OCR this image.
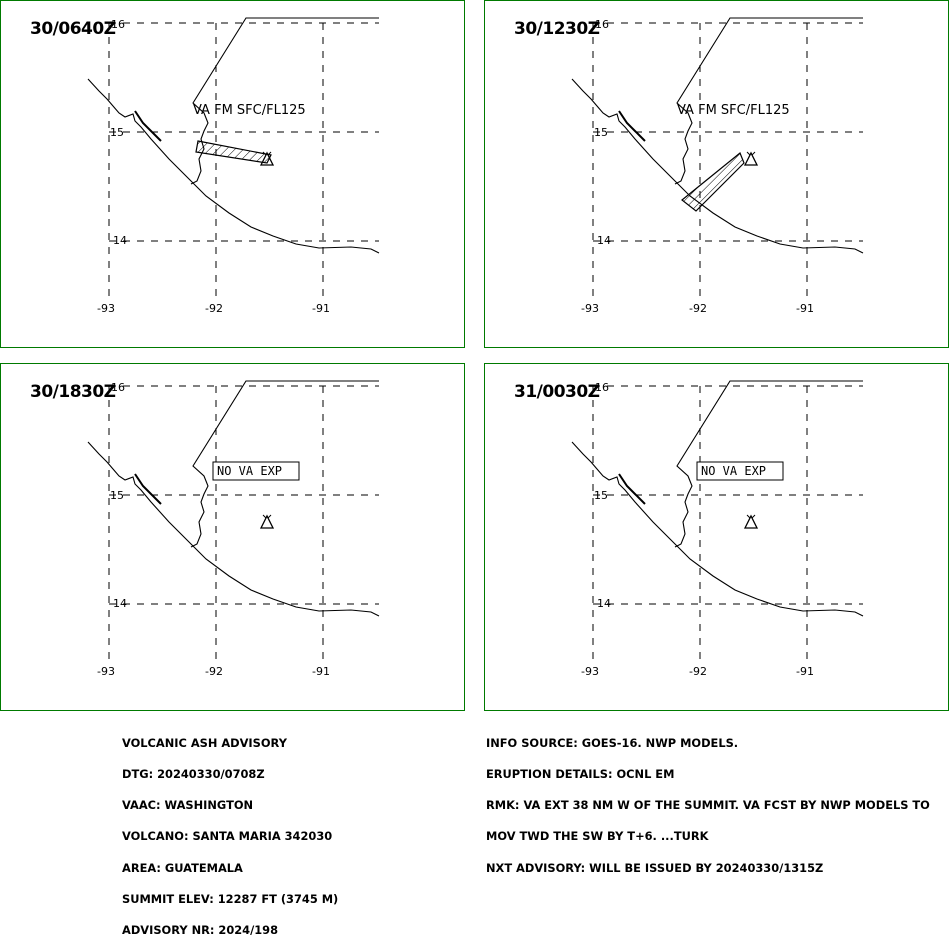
16
15
14
-93	-92	-91
VA FM SFC/FL125
30/0640Z	16
15
14
-93	-92	-91
VA FM SFC/FL125
30/1230Z
16
15
14
-93	-92	-91
NO VA EXP
30/1830Z	16
15
14
-93	-92	-91
NO VA EXP
31/0030Z

VOLCANIC ASH ADVISORY

DTG: 20240330/0708Z

VAAC: WASHINGTON

VOLCANO: SANTA MARIA 342030

AREA: GUATEMALA

SUMMIT ELEV: 12287 FT (3745 M)

ADVISORY NR: 2024/198

INFO SOURCE: GOES-16. NWP MODELS.

ERUPTION DETAILS: OCNL EM

RMK: VA EXT 38 NM W OF THE SUMMIT. VA FCST BY NWP MODELS TO

MOV TWD THE SW BY T+6. ...TURK

NXT ADVISORY: WILL BE ISSUED BY 20240330/1315Z
